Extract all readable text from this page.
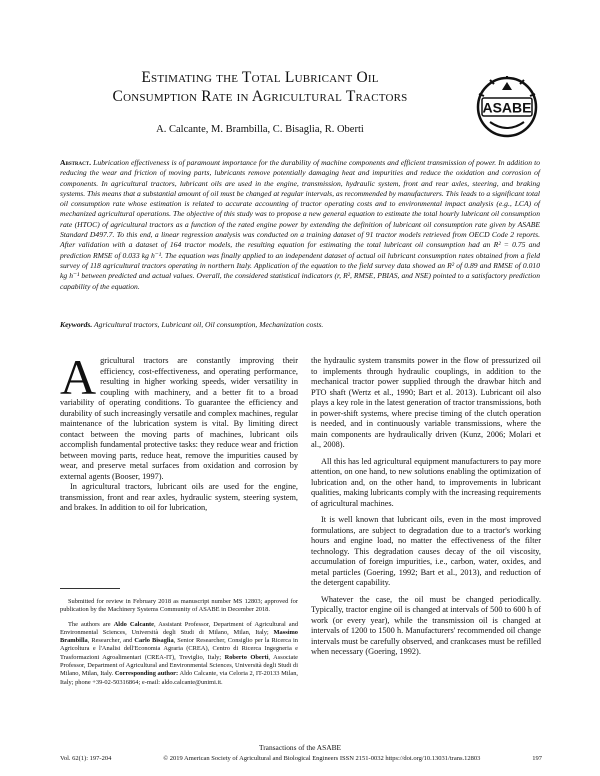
Estimating the Total Lubricant Oil
Consumption Rate in Agricultural Tractors
ASABE
A. Calcante, M. Brambilla, C. Bisaglia, R. Oberti
Abstract. Lubrication effectiveness is of paramount importance for the durability of machine components and efficient transmission of power. In addition to reducing the wear and friction of moving parts, lubricants remove potentially damaging heat and impurities and reduce the oxidation and corrosion of components. In agricultural tractors, lubricant oils are used in the engine, transmission, hydraulic system, front and rear axles, steering, and braking systems. This means that a substantial amount of oil must be changed at regular intervals, as recommended by manufacturers. This leads to a significant total oil consumption rate whose estimation is related to accurate accounting of tractor operating costs and to environmental impact analysis (e.g., LCA) of mechanized agricultural operations. The objective of this study was to propose a new general equation to estimate the total hourly lubricant oil consumption rate (HTOC) of agricultural tractors as a function of the rated engine power by extending the definition of lubricant oil consumption rate given by ASABE Standard D497.7. To this end, a linear regression analysis was conducted on a training dataset of 91 tractor models retrieved from OECD Code 2 reports. After validation with a dataset of 164 tractor models, the resulting equation for estimating the total lubricant oil consumption had an R² = 0.75 and prediction RMSE of 0.033 kg h⁻¹. The equation was finally applied to an independent dataset of actual oil lubricant consumption rates obtained from a field survey of 118 agricultural tractors operating in northern Italy. Application of the equation to the field survey data showed an R² of 0.89 and RMSE of 0.010 kg h⁻¹ between predicted and actual values. Overall, the considered statistical indicators (r, R², RMSE, PBIAS, and NSE) pointed to a satisfactory prediction capability of the equation.
Keywords. Agricultural tractors, Lubricant oil, Oil consumption, Mechanization costs.

Agricultural tractors are constantly improving their efficiency, cost-effectiveness, and operating performance, resulting in higher working speeds, wider versatility in coupling with machinery, and a better fit to a broad variability of operating conditions. To guarantee the efficiency and durability of such increasingly versatile and complex machines, regular maintenance of the lubrication system is vital. By limiting direct contact between the moving parts of machines, lubricant oils accomplish fundamental protective tasks: they reduce wear and friction between moving parts, reduce heat, remove the impurities caused by wear, and preserve metal surfaces from oxidation and corrosion by external agents (Booser, 1997).

In agricultural tractors, lubricant oils are used for the engine, transmission, front and rear axles, hydraulic system, steering system, and brakes. In addition to oil for lubrication,

the hydraulic system transmits power in the flow of pressurized oil to implements through hydraulic couplings, in addition to the mechanical tractor power supplied through the drawbar hitch and PTO shaft (Wertz et al., 1990; Bart et al. 2013). Lubricant oil also plays a key role in the latest generation of tractor transmissions, both in power-shift systems, where precise timing of the clutch operation is needed, and in continuously variable transmissions, where the main components are hydraulically driven (Kunz, 2006; Molari et al., 2008).

All this has led agricultural equipment manufacturers to pay more attention, on one hand, to new solutions enabling the optimization of lubrication and, on the other hand, to improvements in lubricant qualities, making lubricants comply with the increasing requirements of agricultural machines.

It is well known that lubricant oils, even in the most improved formulations, are subject to degradation due to a tractor's working hours and engine load, no matter the effectiveness of the filter technology. This degradation causes decay of the oil viscosity, accumulation of foreign impurities, i.e., carbon, water, oxides, and metal particles (Goering, 1992; Bart et al., 2013), and reduction of the detergent capability.

Whatever the case, the oil must be changed periodically. Typically, tractor engine oil is changed at intervals of 500 to 600 h of work (or every year), while the transmission oil is changed at intervals of 1200 to 1500 h. Manufacturers' recommended oil change intervals must be carefully observed, and crankcases must be refilled when necessary (Goering, 1992).

Submitted for review in February 2018 as manuscript number MS 12803; approved for publication by the Machinery Systems Community of ASABE in December 2018.

The authors are Aldo Calcante, Assistant Professor, Department of Agricultural and Environmental Sciences, Università degli Studi di Milano, Milan, Italy; Massimo Brambilla, Researcher, and Carlo Bisaglia, Senior Researcher, Consiglio per la Ricerca in Agricoltura e l'Analisi dell'Economia Agraria (CREA), Centro di Ricerca Ingegneria e Trasformazioni Agroalimentari (CREA-IT), Treviglio, Italy; Roberto Oberti, Associate Professor, Department of Agricultural and Environmental Sciences, Università degli Studi di Milano, Milan, Italy. Corresponding author: Aldo Calcante, via Celoria 2, IT-20133 Milan, Italy; phone +39-02-50316864; e-mail: aldo.calcante@unimi.it.

Transactions of the ASABE
Vol. 62(1): 197-204	© 2019 American Society of Agricultural and Biological Engineers ISSN 2151-0032 https://doi.org/10.13031/trans.12803	197
